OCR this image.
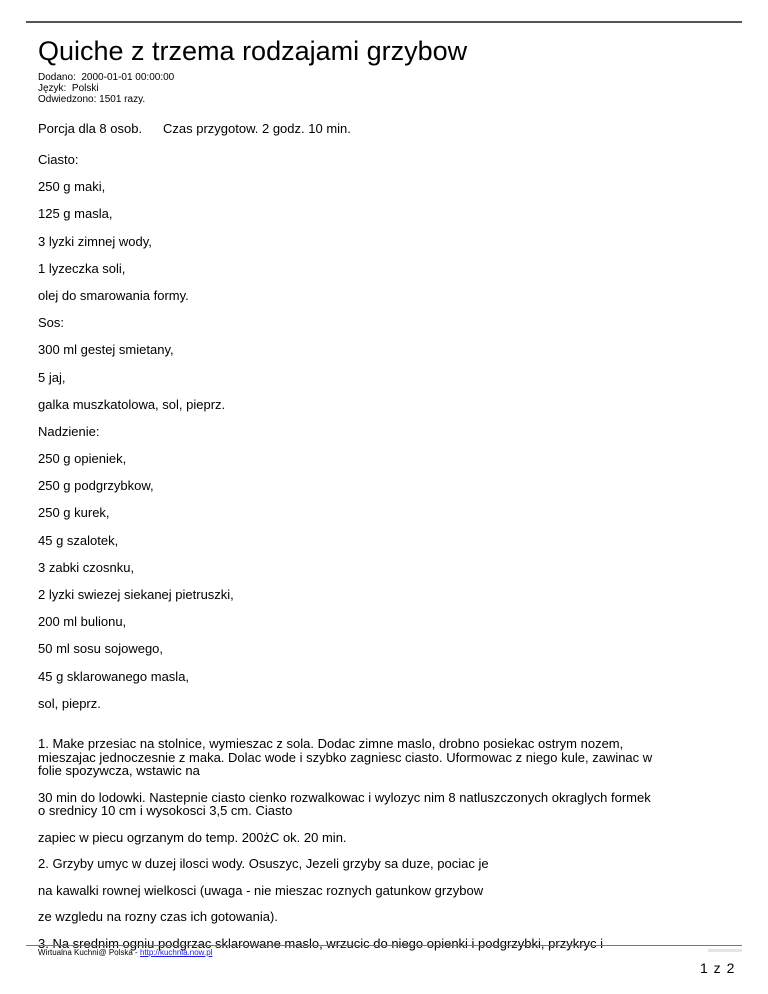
Quiche z trzema rodzajami grzybow
Dodano:  2000-01-01 00:00:00
Język:  Polski
Odwiedzono: 1501 razy.
Porcja dla 8 osob.	Czas przygotow. 2 godz. 10 min.

Ciasto:

250 g maki,

125 g masla,

3 lyzki zimnej wody,

1 lyzeczka soli,

olej do smarowania formy.

Sos:

300 ml gestej smietany,

5 jaj,

galka muszkatolowa, sol, pieprz.

Nadzienie:

250 g opieniek,

250 g podgrzybkow,

250 g kurek,

45 g szalotek,

3 zabki czosnku,

2 lyzki swiezej siekanej pietruszki,

200 ml bulionu,

50 ml sosu sojowego,

45 g sklarowanego masla,

sol, pieprz.

1. Make przesiac na stolnice, wymieszac z sola. Dodac zimne maslo, drobno posiekac ostrym nozem, mieszajac jednoczesnie z maka. Dolac wode i szybko zagniesc ciasto. Uformowac z niego kule, zawinac w folie spozywcza, wstawic na

30 min do lodowki. Nastepnie ciasto cienko rozwalkowac i wylozyc nim 8 natluszczonych okraglych formek o srednicy 10 cm i wysokosci 3,5 cm. Ciasto

zapiec w piecu ogrzanym do temp. 200żC ok. 20 min.

2. Grzyby umyc w duzej ilosci wody. Osuszyc, Jezeli grzyby sa duze, pociac je

na kawalki rownej wielkosci (uwaga - nie mieszac roznych gatunkow grzybow

ze wzgledu na rozny czas ich gotowania).

3. Na srednim ogniu podgrzac sklarowane maslo, wrzucic do niego opienki i podgrzybki, przykryc i

Wirtualna Kuchni@ Polska - http://kuchnia.now.pl
1 z 2
